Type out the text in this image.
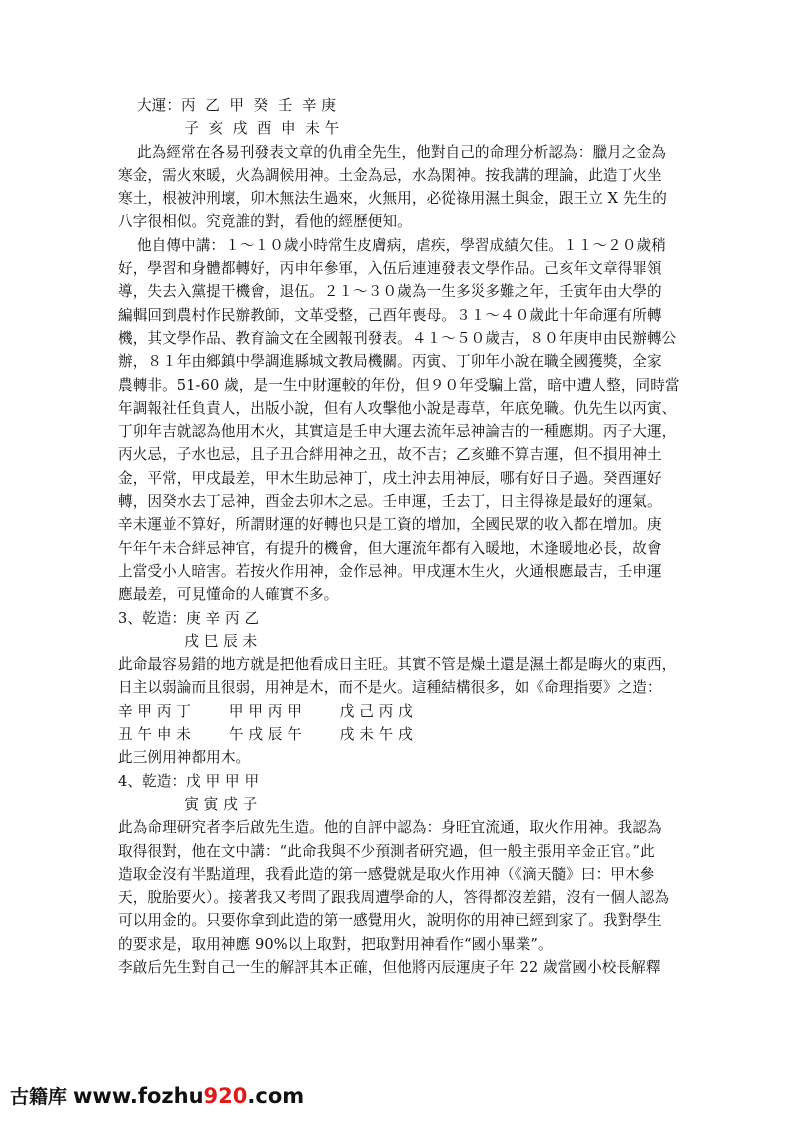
大運：丙  乙  甲  癸  壬  辛 庚
子  亥  戌  酉  申  未 午
此為經常在各易刊發表文章的仇甫全先生，他對自己的命理分析認為：臘月之金為
寒金，需火來暖，火為調候用神。土金為忌，水為閑神。按我講的理論，此造丁火坐
寒土，根被沖刑壞，卯木無法生過來，火無用，必從祿用濕土與金，跟王立 X 先生的
八字很相似。究竟誰的對，看他的經歷便知。
他自傳中講：１～１０歲小時常生皮膚病，虐疾，學習成績欠佳。１１～２０歲稍
好，學習和身體都轉好，丙申年參軍，入伍后連連發表文學作品。己亥年文章得罪領
導，失去入黨提干機會，退伍。２１～３０歲為一生多災多難之年，壬寅年由大學的
編輯回到農村作民辦教師，文革受整，己酉年喪母。３１～４０歲此十年命運有所轉
機，其文學作品、教育論文在全國報刊發表。４１～５０歲吉，８０年庚申由民辦轉公
辦，８１年由鄉鎮中學調進縣城文教局機關。丙寅、丁卯年小說在職全國獲獎，全家
農轉非。51-60 歲，是一生中財運較的年份，但９０年受騙上當，暗中遭人整，同時當
年調報社任負責人，出版小說，但有人攻擊他小說是毒草，年底免職。仇先生以丙寅、
丁卯年吉就認為他用木火，其實這是壬申大運去流年忌神論吉的一種應期。丙子大運，
丙火忌，子水也忌，且子丑合絆用神之丑，故不吉；乙亥雖不算吉運，但不損用神土
金，平常，甲戌最差，甲木生助忌神丁，戌土沖去用神辰，哪有好日子過。癸酉運好
轉，因癸水去丁忌神，酉金去卯木之忌。壬申運，壬去丁，日主得祿是最好的運氣。
辛未運並不算好，所謂財運的好轉也只是工資的增加，全國民眾的收入都在增加。庚
午年午未合絆忌神官，有提升的機會，但大運流年都有入暖地，木逢暖地必長，故會
上當受小人暗害。若按火作用神，金作忌神。甲戌運木生火，火通根應最吉，壬申運
應最差，可見懂命的人確實不多。
3、乾造：庚 辛 丙 乙
戌 巳 辰 未
此命最容易錯的地方就是把他看成日主旺。其實不管是燥土還是濕土都是晦火的東西，
日主以弱論而且很弱，用神是木，而不是火。這種結構很多，如《命理指要》之造：
辛 甲 丙 丁        甲 甲 丙 甲        戊 己 丙 戊
丑 午 申 未        午 戌 辰 午        戌 未 午 戌
此三例用神都用木。
4、乾造：戊 甲 甲 甲
寅 寅 戌 子
此為命理研究者李后啟先生造。他的自評中認為：身旺宜流通，取火作用神。我認為
取得很對，他在文中講：“此命我與不少預測者研究過，但一般主張用辛金正官。”此
造取金沒有半點道理，我看此造的第一感覺就是取火作用神（《滴天髓》曰：甲木參
天，脫胎要火）。接著我又考問了跟我周遭學命的人，答得都沒差錯，沒有一個人認為
可以用金的。只要你拿到此造的第一感覺用火，說明你的用神已經到家了。我對學生
的要求是，取用神應 90%以上取對，把取對用神看作“國小畢業”。
李啟后先生對自己一生的解評其本正確，但他將丙辰運庚子年 22 歲當國小校長解釋
古籍库 www.fozhu920.com
